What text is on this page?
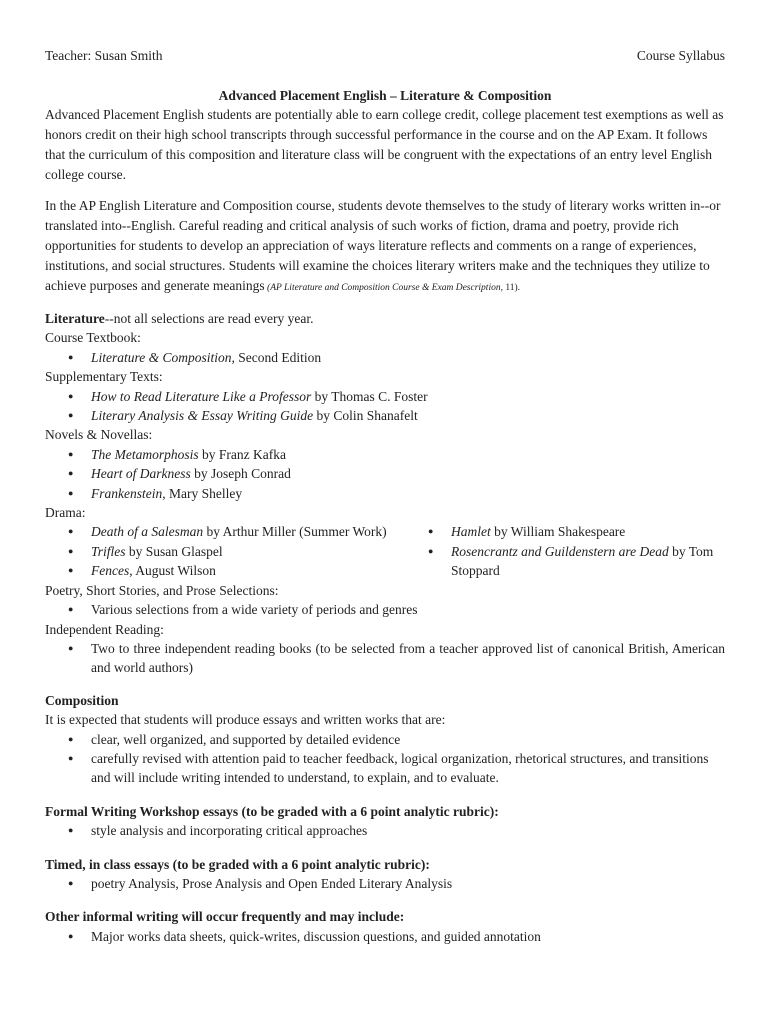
Teacher: Susan Smith	Course Syllabus
Advanced Placement English – Literature & Composition

Advanced Placement English students are potentially able to earn college credit, college placement test exemptions as well as honors credit on their high school transcripts through successful performance in the course and on the AP Exam. It follows that the curriculum of this composition and literature class will be congruent with the expectations of an entry level English college course.

In the AP English Literature and Composition course, students devote themselves to the study of literary works written in--or translated into--English. Careful reading and critical analysis of such works of fiction, drama and poetry, provide rich opportunities for students to develop an appreciation of ways literature reflects and comments on a range of experiences, institutions, and social structures. Students will examine the choices literary writers make and the techniques they utilize to achieve purposes and generate meanings (AP Literature and Composition Course & Exam Description, 11).

Literature--not all selections are read every year.
Course Textbook:
● Literature & Composition, Second Edition
Supplementary Texts:
● How to Read Literature Like a Professor by Thomas C. Foster
● Literary Analysis & Essay Writing Guide by Colin Shanafelt
Novels & Novellas:
● The Metamorphosis by Franz Kafka
● Heart of Darkness by Joseph Conrad
● Frankenstein, Mary Shelley
Drama:
● Death of a Salesman by Arthur Miller (Summer Work)
● Trifles by Susan Glaspel
● Fences, August Wilson
● Hamlet by William Shakespeare
● Rosencrantz and Guildenstern are Dead by Tom Stoppard
Poetry, Short Stories, and Prose Selections:
● Various selections from a wide variety of periods and genres
Independent Reading:
● Two to three independent reading books (to be selected from a teacher approved list of canonical British, American and world authors)
Composition
It is expected that students will produce essays and written works that are:
● clear, well organized, and supported by detailed evidence
● carefully revised with attention paid to teacher feedback, logical organization, rhetorical structures, and transitions and will include writing intended to understand, to explain, and to evaluate.
Formal Writing Workshop essays (to be graded with a 6 point analytic rubric):
● style analysis and incorporating critical approaches
Timed, in class essays (to be graded with a 6 point analytic rubric):
● poetry Analysis, Prose Analysis and Open Ended Literary Analysis
Other informal writing will occur frequently and may include:
● Major works data sheets, quick-writes, discussion questions, and guided annotation
